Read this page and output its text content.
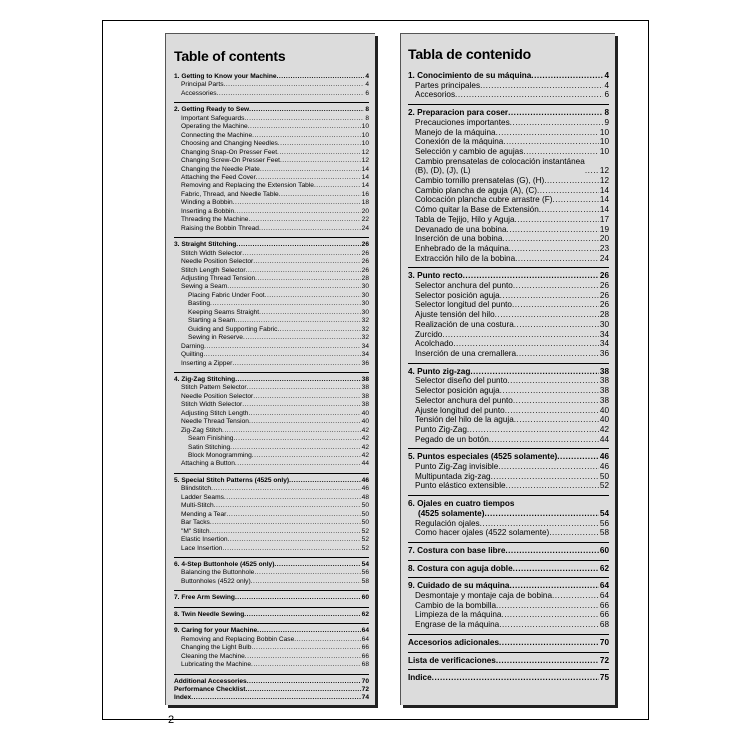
Table of contents
1. Getting to Know your Machine .....	4
Principal Parts .....	4
Accessories .....	6
2. Getting Ready to Sew .....	8
Important Safeguards .....	8
Operating the Machine .....	10
Connecting the Machine .....	10
Choosing and Changing Needles .....	10
Changing Snap-On Presser Feet .....	12
Changing Screw-On Presser Feet .....	12
Changing the Needle Plate .....	14
Attaching the Feed Cover .....	14
Removing and Replacing the Extension Table .....	14
Fabric, Thread, and Needle Table .....	16
Winding a Bobbin .....	18
Inserting a Bobbin .....	20
Threading the Machine .....	22
Raising the Bobbin Thread .....	24
3. Straight Stitching .....	26
Stitch Width Selector .....	26
Needle Position Selector .....	26
Stitch Length Selector .....	26
Adjusting Thread Tension .....	28
Sewing a Seam .....	30
Placing Fabric Under Foot .....	30
Basting .....	30
Keeping Seams Straight .....	30
Starting a Seam .....	32
Guiding and Supporting Fabric .....	32
Sewing in Reserve .....	32
Darning .....	34
Quilting .....	34
Inserting a Zipper .....	36
4. Zig-Zag Stitching .....	38
Stitch Pattern Selector .....	38
Needle Position Selector .....	38
Stitch Width Selector .....	38
Adjusting Stitch Length .....	40
Needle Thread Tension .....	40
Zig-Zag Stitch .....	42
Seam Finishing .....	42
Satin Stitching .....	42
Block Monogramming .....	42
Attaching a Button .....	44
5. Special Stitch Patterns (4525 only) .....	46
Blindstitch .....	46
Ladder Seams .....	48
Multi-Stitch .....	50
Mending a Tear .....	50
Bar Tacks .....	50
"M" Stitch .....	52
Elastic Insertion .....	52
Lace Insertion .....	52
6. 4-Step Buttonhole (4525 only) .....	54
Balancing the Buttonhole .....	56
Buttonholes (4522 only) .....	58
7. Free Arm Sewing .....	60
8. Twin Needle Sewing .....	62
9. Caring for your Machine .....	64
Removing and Replacing Bobbin Case .....	64
Changing the Light Bulb .....	66
Cleaning the Machine .....	66
Lubricating the Machine .....	68
Additional Accessories .....	70
Performance Checklist .....	72
Index .....	74
Tabla de contenido
1. Conocimiento de su máquina .....	4
Partes principales .....	4
Accesorios .....	6
2. Preparacion para coser .....	8
Precauciones importantes .....	9
Manejo de la máquina .....	10
Conexión de la máquina .....	10
Selección y cambio de agujas .....	10
Cambio prensatelas de colocación instantánea (B), (D), (J), (L) .....	12
Cambio tornillo prensatelas (G), (H) .....	12
Cambio plancha de aguja (A), (C) .....	14
Colocación plancha cubre arrastre (F) .....	14
Cómo quitar la Base de Extensión .....	14
Tabla de Tejijo, Hilo y Aguja .....	17
Devanado de una bobina .....	19
Inserción de una bobina .....	20
Enhebrado de la máquina .....	23
Extracción hilo de la bobina .....	24
3. Punto recto .....	26
Selector anchura del punto .....	26
Selector posición aguja .....	26
Selector longitud del punto .....	26
Ajuste tensión del hilo .....	28
Realización de una costura .....	30
Zurcido .....	34
Acolchado .....	34
Inserción de una cremallera .....	36
4. Punto zig-zag .....	38
Selector diseño del punto .....	38
Selector posición aguja .....	38
Selector anchura del punto .....	38
Ajuste longitud del punto .....	40
Tensión del hilo de la aguja .....	40
Punto Zig-Zag .....	42
Pegado de un botón .....	44
5. Puntos especiales (4525 solamente) .....	46
Punto Zig-Zag invisible .....	46
Multipuntada zig-zag .....	50
Punto elástico extensible .....	52
6. Ojales en cuatro tiempos
(4525 solamente) .....	54
Regulación ojales .....	56
Como hacer ojales (4522 solamente) .....	58
7. Costura con base libre .....	60
8. Costura con aguja doble .....	62
9. Cuidado de su máquina .....	64
Desmontaje y montaje caja de bobina .....	64
Cambio de la bombilla .....	66
Limpieza de la máquina .....	66
Engrase de la máquina .....	68
Accesorios adicionales .....	70
Lista de verificaciones .....	72
Indice .....	75
2
